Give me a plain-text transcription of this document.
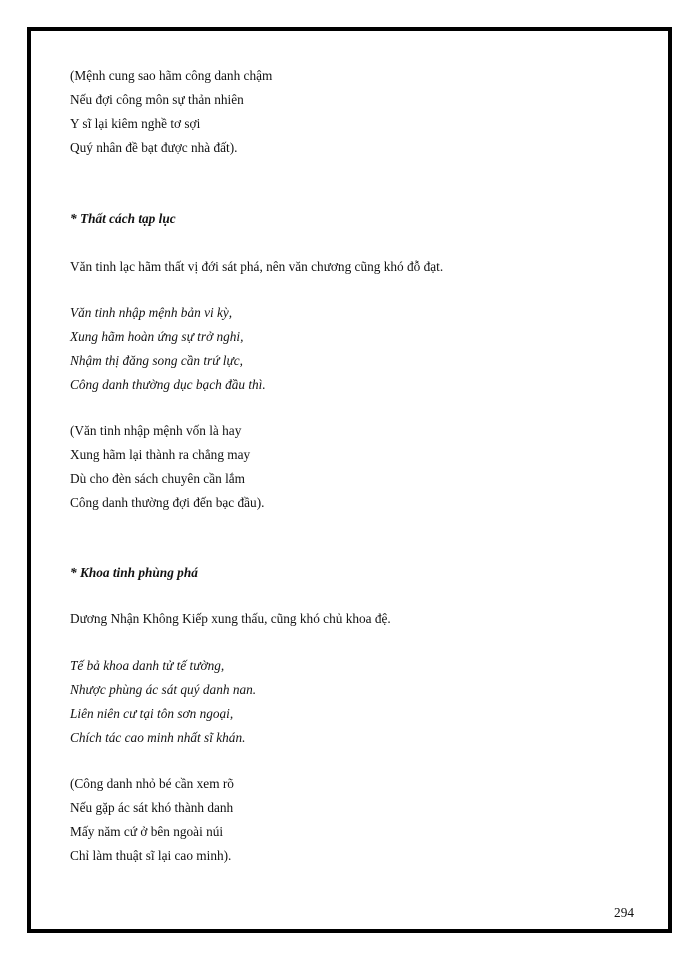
(Mệnh cung sao hãm công danh chậm
Nếu đợi công môn sự thản nhiên
Y sĩ lại kiêm nghề tơ sợi
Quý nhân đề bạt được nhà đất).
* Thất cách tạp lục
Văn tinh lạc hãm thất vị đới sát phá, nên văn chương cũng khó đỗ đạt.
Văn tinh nhập mệnh bản vi kỳ,
Xung hãm hoàn ứng sự trở nghi,
Nhậm thị đăng song cần trứ lực,
Công danh thường dục bạch đầu thì.
(Văn tinh nhập mệnh vốn là hay
Xung hãm lại thành ra chẳng may
Dù cho đèn sách chuyên cần lắm
Công danh thường đợi đến bạc đầu).
* Khoa tinh phùng phá
Dương Nhận Không Kiếp xung thấu, cũng khó chủ khoa đệ.
Tế bả khoa danh tử tế tường,
Nhược phùng ác sát quý danh nan.
Liên niên cư tại tôn sơn ngoại,
Chích tác cao minh nhất sĩ khán.
(Công danh nhỏ bé cần xem rõ
Nếu gặp ác sát khó thành danh
Mấy năm cứ ở bên ngoài núi
Chỉ làm thuật sĩ lại cao minh).
294
